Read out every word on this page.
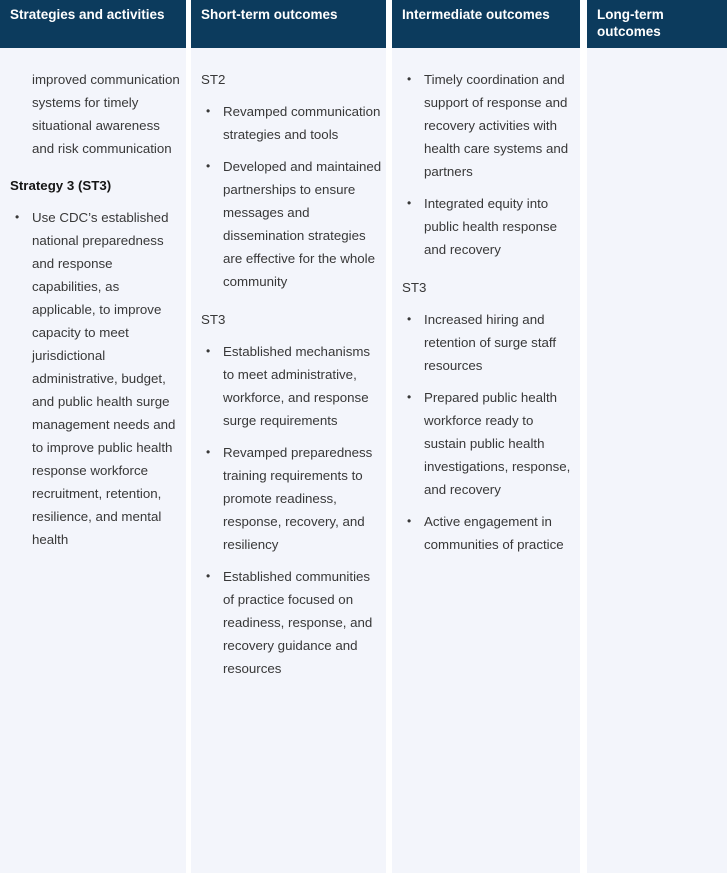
Strategies and activities
improved communication systems for timely situational awareness and risk communication
Strategy 3 (ST3)
• Use CDC’s established national preparedness and response capabilities, as applicable, to improve capacity to meet jurisdictional administrative, budget, and public health surge management needs and to improve public health response workforce recruitment, retention, resilience, and mental health
Short-term outcomes
ST2
• Revamped communication strategies and tools
• Developed and maintained partnerships to ensure messages and dissemination strategies are effective for the whole community
ST3
• Established mechanisms to meet administrative, workforce, and response surge requirements
• Revamped preparedness training requirements to promote readiness, response, recovery, and resiliency
• Established communities of practice focused on readiness, response, and recovery guidance and resources
Intermediate outcomes
• Timely coordination and support of response and recovery activities with health care systems and partners
• Integrated equity into public health response and recovery
ST3
• Increased hiring and retention of surge staff resources
• Prepared public health workforce ready to sustain public health investigations, response, and recovery
• Active engagement in communities of practice
Long-term outcomes
